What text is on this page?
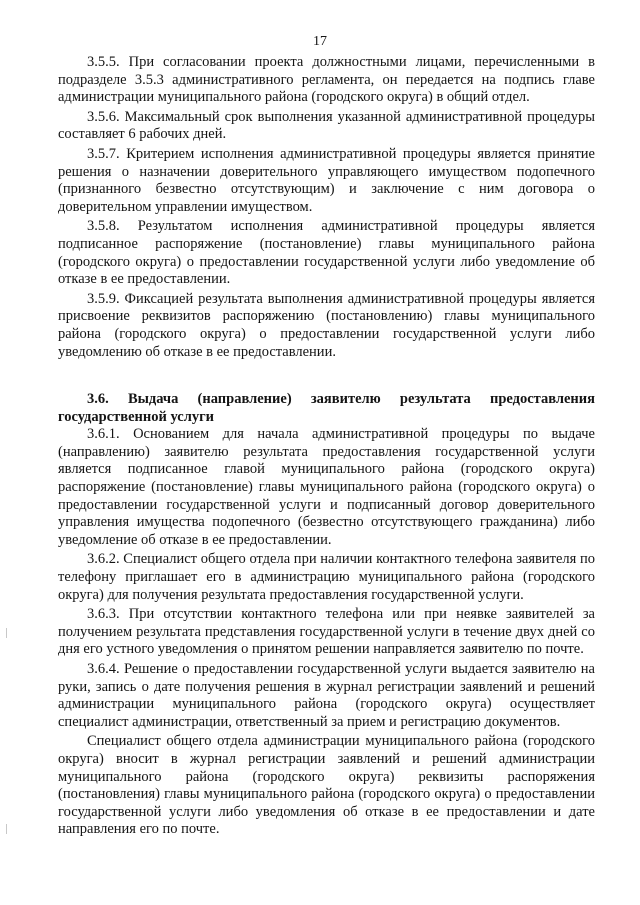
17

3.5.5. При согласовании проекта должностными лицами, перечисленными в подразделе 3.5.3 административного регламента, он передается на подпись главе администрации муниципального района (городского округа) в общий отдел.

3.5.6. Максимальный срок выполнения указанной административной процедуры составляет 6 рабочих дней.

3.5.7. Критерием исполнения административной процедуры является принятие решения о назначении доверительного управляющего имуществом подопечного (признанного безвестно отсутствующим) и заключение с ним договора о доверительном управлении имуществом.

3.5.8. Результатом исполнения административной процедуры является подписанное распоряжение (постановление) главы муниципального района (городского округа) о предоставлении государственной услуги либо уведомление об отказе в ее предоставлении.

3.5.9. Фиксацией результата выполнения административной процедуры является присвоение реквизитов распоряжению (постановлению) главы муниципального района (городского округа) о предоставлении государственной услуги либо уведомлению об отказе в ее предоставлении.

3.6. Выдача (направление) заявителю результата предоставления государственной услуги

3.6.1. Основанием для начала административной процедуры по выдаче (направлению) заявителю результата предоставления государственной услуги является подписанное главой муниципального района (городского округа) распоряжение (постановление) главы муниципального района (городского округа) о предоставлении государственной услуги и подписанный договор доверительного управления имущества подопечного (безвестно отсутствующего гражданина) либо уведомление об отказе в ее предоставлении.

3.6.2. Специалист общего отдела при наличии контактного телефона заявителя по телефону приглашает его в администрацию муниципального района (городского округа) для получения результата предоставления государственной услуги.

3.6.3. При отсутствии контактного телефона или при неявке заявителей за получением результата представления государственной услуги в течение двух дней со дня его устного уведомления о принятом решении направляется заявителю по почте.

3.6.4. Решение о предоставлении государственной услуги выдается заявителю на руки, запись о дате получения решения в журнал регистрации заявлений и решений администрации муниципального района (городского округа) осуществляет специалист администрации, ответственный за прием и регистрацию документов.

Специалист общего отдела администрации муниципального района (городского округа) вносит в журнал регистрации заявлений и решений администрации муниципального района (городского округа) реквизиты распоряжения (постановления) главы муниципального района (городского округа) о предоставлении государственной услуги либо уведомления об отказе в ее предоставлении и дате направления его по почте.
